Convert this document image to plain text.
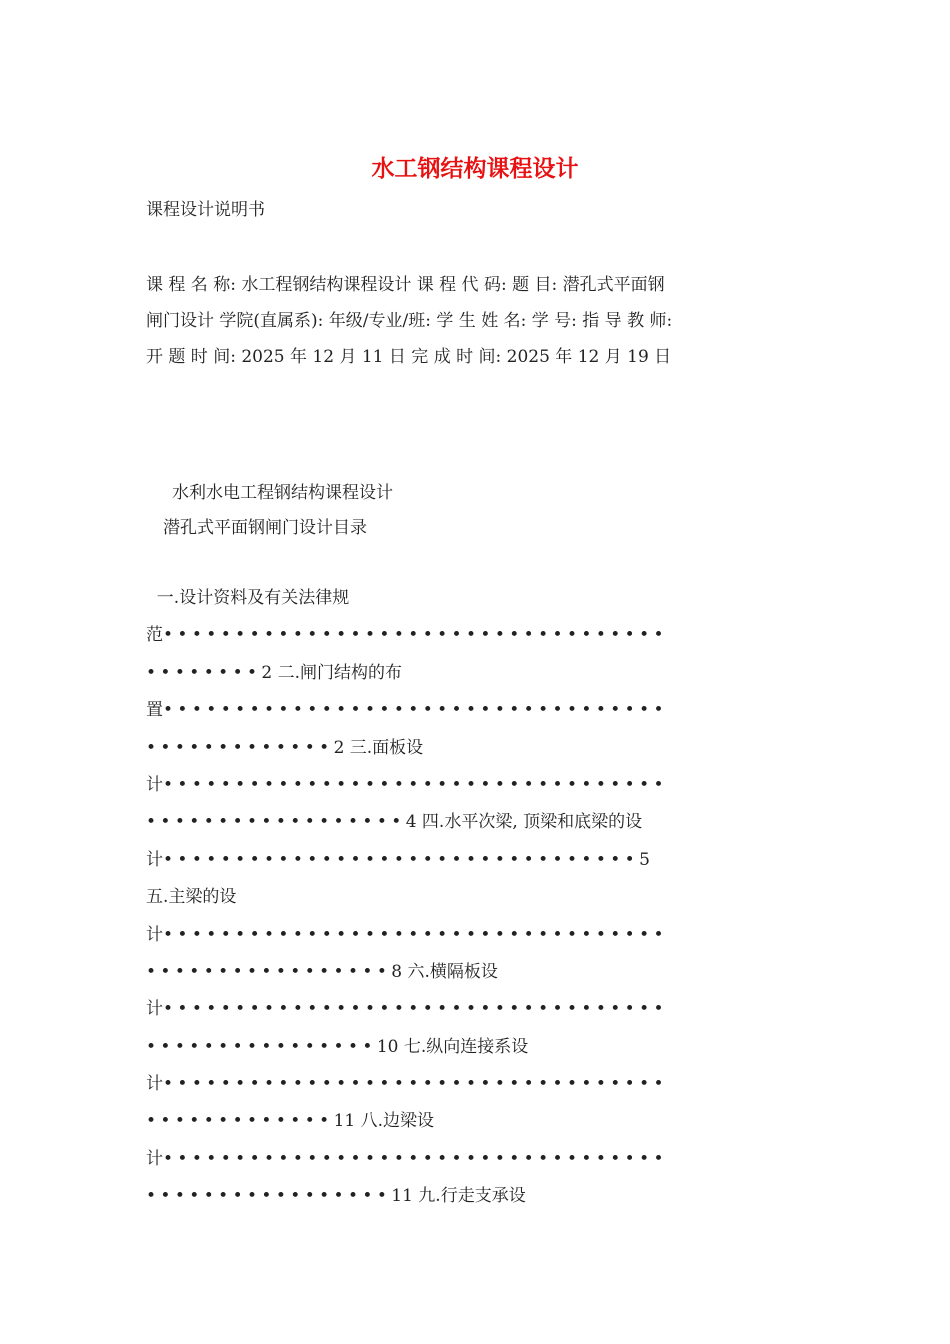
水工钢结构课程设计
课程设计说明书
课 程 名 称: 水工程钢结构课程设计 课 程 代 码: 题 目: 潜孔式平面钢
闸门设计 学院(直属系): 年级/专业/班: 学 生 姓 名: 学 号: 指 导 教 师:
开 题 时 间: 2025 年 12 月 11 日 完 成 时 间: 2025 年 12 月 19 日
水利水电工程钢结构课程设计
潜孔式平面钢闸门设计目录
一.设计资料及有关法律规
范•••••••••••••••••••••••••••••••••••
••••••••2 二.闸门结构的布
置•••••••••••••••••••••••••••••••••••
•••••••••••••2 三.面板设
计•••••••••••••••••••••••••••••••••••
••••••••••••••••••4 四.水平次梁, 顶梁和底梁的设
计•••••••••••••••••••••••••••••••••5
五.主梁的设
计•••••••••••••••••••••••••••••••••••
•••••••••••••••••8 六.横隔板设
计•••••••••••••••••••••••••••••••••••
••••••••••••••••10 七.纵向连接系设
计•••••••••••••••••••••••••••••••••••
•••••••••••••11 八.边梁设
计•••••••••••••••••••••••••••••••••••
•••••••••••••••••11 九.行走支承设
